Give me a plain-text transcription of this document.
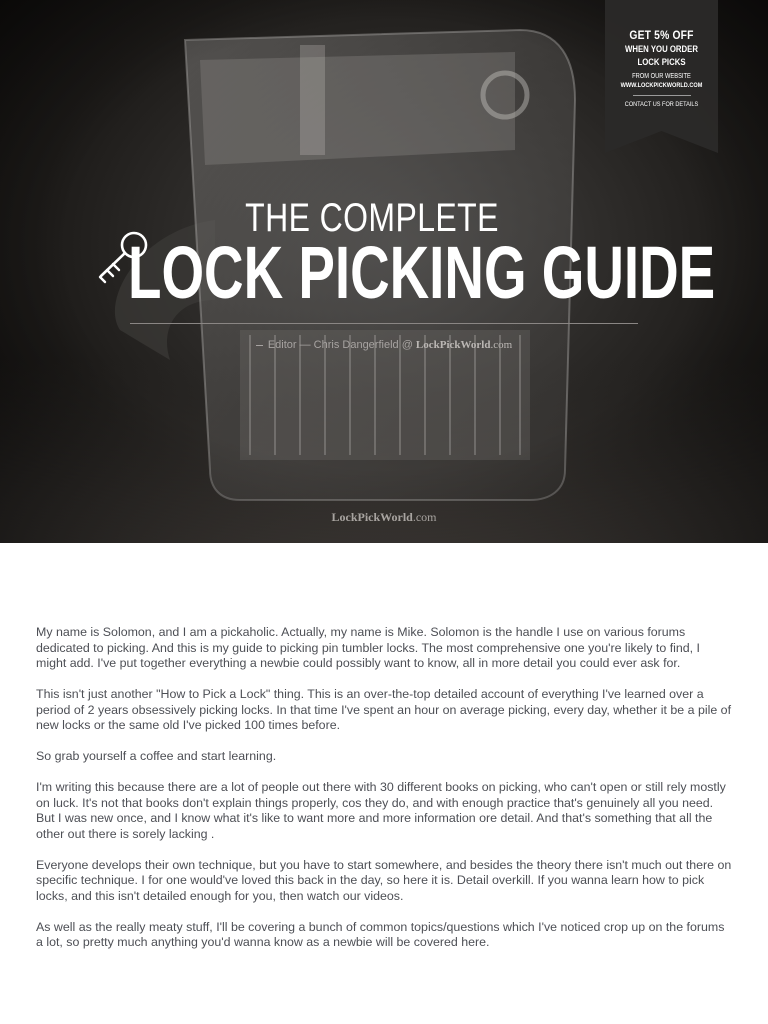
GET 5% OFF
WHEN YOU ORDER
LOCK PICKS
FROM OUR WEBSITE
WWW.LOCKPICKWORLD.COM
CONTACT US FOR DETAILS
THE COMPLETE
LOCK PICKING GUIDE
Editor — Chris Dangerfield @ LockPickWorld.com
LockPickWorld.com

My name is Solomon, and I am a pickaholic. Actually, my name is Mike. Solomon is the handle I use on various forums dedicated to picking. And this is my guide to picking pin tumbler locks. The most comprehensive one you're likely to find, I might add. I've put together everything a newbie could possibly want to know, all in more detail you could ever ask for.

This isn't just another "How to Pick a Lock" thing. This is an over-the-top detailed account of everything I've learned over a period of 2 years obsessively picking locks. In that time I've spent an hour on average picking, every day, whether it be a pile of new locks or the same old I've picked 100 times before.

So grab yourself a coffee and start learning.

I'm writing this because there are a lot of people out there with 30 different books on picking, who can't open or still rely mostly on luck. It's not that books don't explain things properly, cos they do, and with enough practice that's genuinely all you need. But I was new once, and I know what it's like to want more and more information ore detail. And that's something that all the other out there is sorely lacking .

Everyone develops their own technique, but you have to start somewhere, and besides the theory there isn't much out there on specific technique. I for one would've loved this back in the day, so here it is. Detail overkill. If you wanna learn how to pick locks, and this isn't detailed enough for you, then watch our videos.

As well as the really meaty stuff, I'll be covering a bunch of common topics/questions which I've noticed crop up on the forums a lot, so pretty much anything you'd wanna know as a newbie will be covered here.
